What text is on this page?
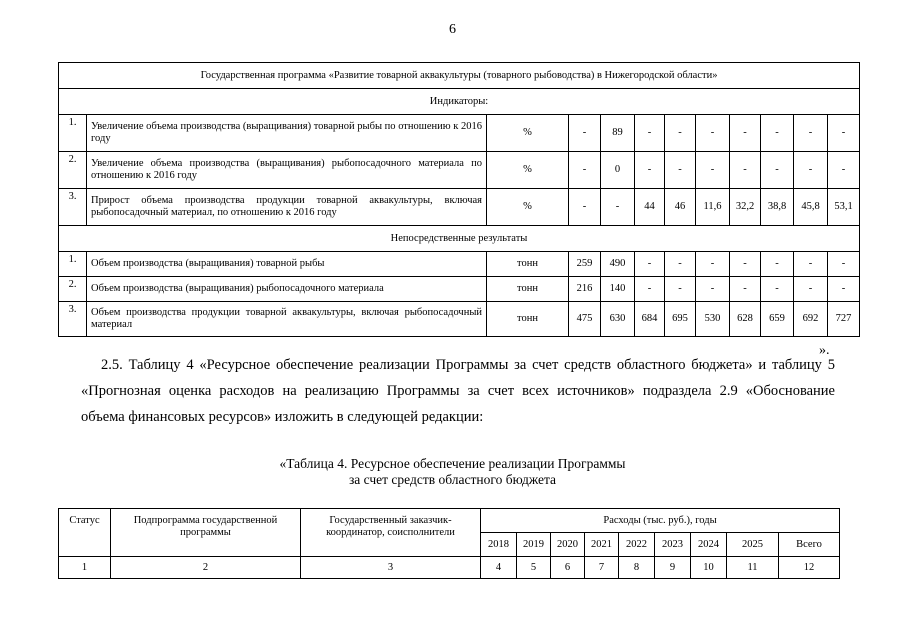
6
Государственная программа «Развитие товарной аквакультуры (товарного рыбоводства) в Нижегородской области»											
Индикаторы:											
1.	Увеличение объема производства (выращивания) товарной рыбы по отношению к 2016 году	%	-	89	-	-	-	-	-	-	-
2.	Увеличение объема производства (выращивания) рыбопосадочного материала по отношению к 2016 году	%	-	0	-	-	-	-	-	-	-
3.	Прирост объема производства продукции товарной аквакультуры, включая рыбопосадочный материал, по отношению к 2016 году	%	-	-	44	46	11,6	32,2	38,8	45,8	53,1
Непосредственные результаты											
1.	Объем производства (выращивания) товарной рыбы	тонн	259	490	-	-	-	-	-	-	-
2.	Объем производства (выращивания) рыбопосадочного материала	тонн	216	140	-	-	-	-	-	-	-
3.	Объем производства продукции товарной аквакультуры, включая рыбопосадочный материал	тонн	475	630	684	695	530	628	659	692	727
».
2.5. Таблицу 4 «Ресурсное обеспечение реализации Программы за счет средств областного бюджета» и таблицу 5
«Прогнозная оценка расходов на реализацию Программы за счет всех источников» подраздела 2.9 «Обоснование
объема финансовых ресурсов» изложить в следующей редакции:
«Таблица 4. Ресурсное обеспечение реализации Программы
за счет средств областного бюджета
Статус	Подпрограмма государственной программы	Государственный заказчик-координатор, соисполнители	Расходы (тыс. руб.), годы								
			2018	2019	2020	2021	2022	2023	2024	2025	Всего
1	2	3	4	5	6	7	8	9	10	11	12
